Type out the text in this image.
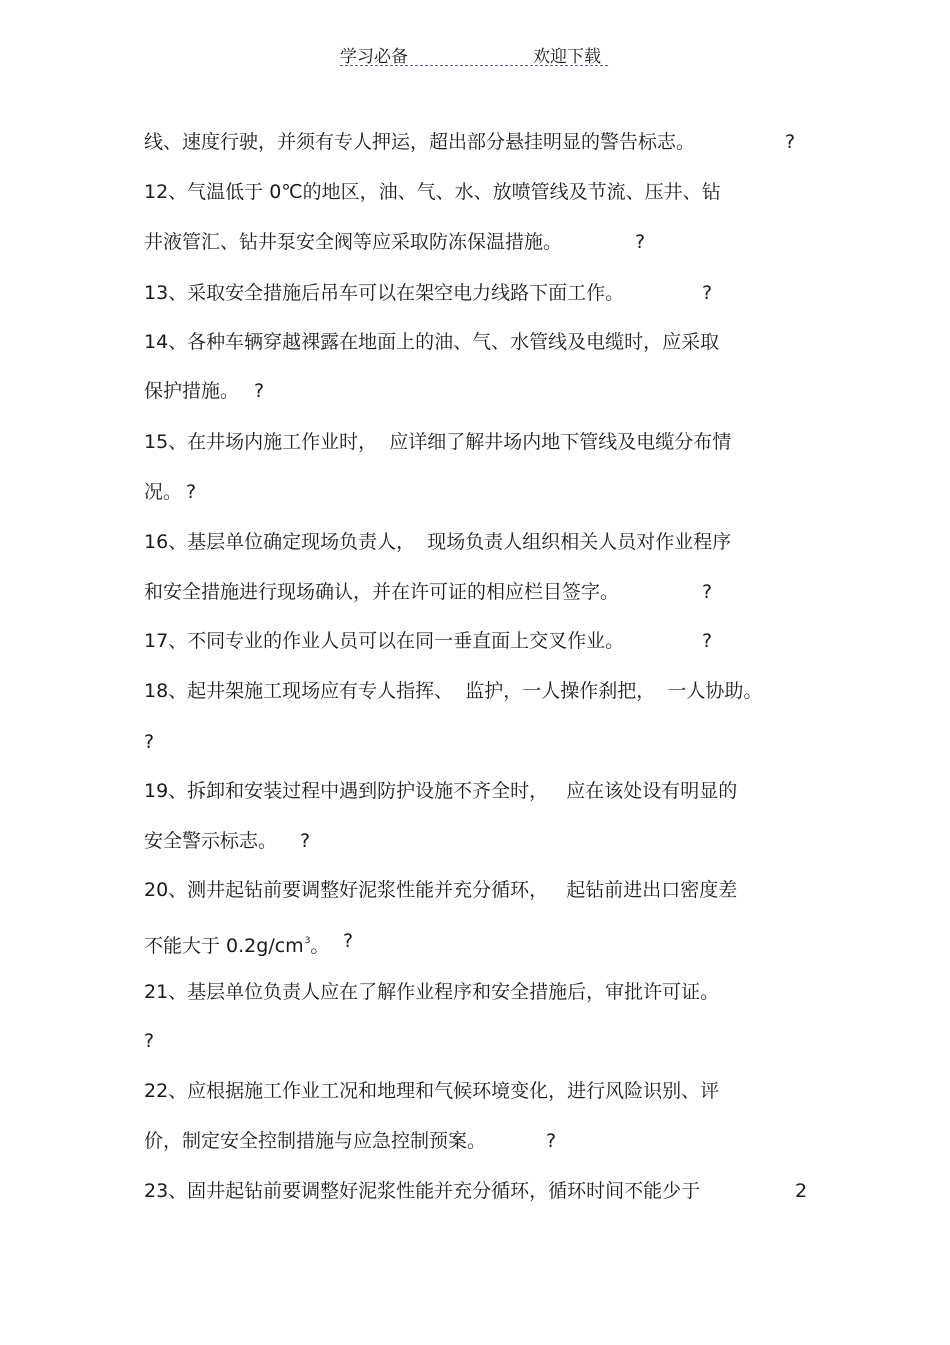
学习必备	欢迎下载
线、速度行驶，并须有专人押运，超出部分悬挂明显的警告标志。	?
12、气温低于 0℃的地区，油、气、水、放喷管线及节流、压井、钻
井液管汇、钻井泵安全阀等应采取防冻保温措施。	?
13、采取安全措施后吊车可以在架空电力线路下面工作。	?
14、各种车辆穿越裸露在地面上的油、气、水管线及电缆时，应采取
保护措施。 ?
15、在井场内施工作业时，  应详细了解井场内地下管线及电缆分布情
况。 ?
16、基层单位确定现场负责人，  现场负责人组织相关人员对作业程序
和安全措施进行现场确认，并在许可证的相应栏目签字。	?
17、不同专业的作业人员可以在同一垂直面上交叉作业。	?
18、起井架施工现场应有专人指挥、  监护，一人操作刹把，  一人协助。
?
19、拆卸和安装过程中遇到防护设施不齐全时，   应在该处设有明显的
安全警示标志。 ?
20、测井起钻前要调整好泥浆性能并充分循环，   起钻前进出口密度差
不能大于 $0.2g/cm^3$。 ?
21、基层单位负责人应在了解作业程序和安全措施后，审批许可证。
?
22、应根据施工作业工况和地理和气候环境变化，进行风险识别、评
价，制定安全控制措施与应急控制预案。	?
23、固井起钻前要调整好泥浆性能并充分循环，循环时间不能少于	2
